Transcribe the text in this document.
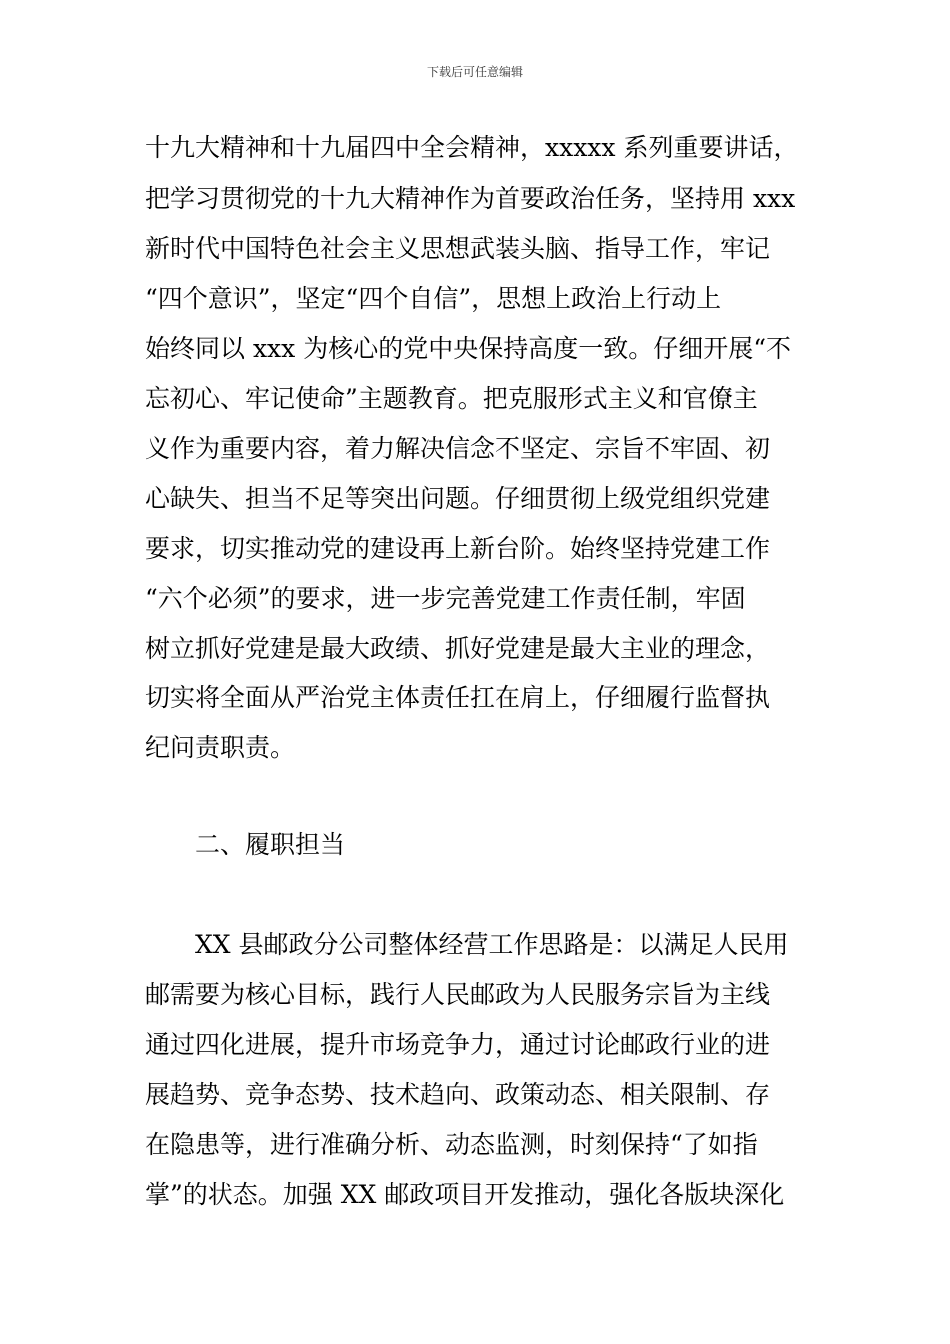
下载后可任意编辑
十九大精神和十九届四中全会精神，xxxxx 系列重要讲话，
把学习贯彻党的十九大精神作为首要政治任务，坚持用 xxx
新时代中国特色社会主义思想武装头脑、指导工作，牢记
“四个意识”，坚定“四个自信”，思想上政治上行动上
始终同以 xxx 为核心的党中央保持高度一致。仔细开展“不
忘初心、牢记使命”主题教育。把克服形式主义和官僚主
义作为重要内容，着力解决信念不坚定、宗旨不牢固、初
心缺失、担当不足等突出问题。仔细贯彻上级党组织党建
要求，切实推动党的建设再上新台阶。始终坚持党建工作
“六个必须”的要求，进一步完善党建工作责任制，牢固
树立抓好党建是最大政绩、抓好党建是最大主业的理念，
切实将全面从严治党主体责任扛在肩上，仔细履行监督执
纪问责职责。
二、履职担当
XX 县邮政分公司整体经营工作思路是：以满足人民用
邮需要为核心目标，践行人民邮政为人民服务宗旨为主线
通过四化进展，提升市场竞争力，通过讨论邮政行业的进
展趋势、竞争态势、技术趋向、政策动态、相关限制、存
在隐患等，进行准确分析、动态监测，时刻保持“了如指
掌”的状态。加强 XX 邮政项目开发推动，强化各版块深化
